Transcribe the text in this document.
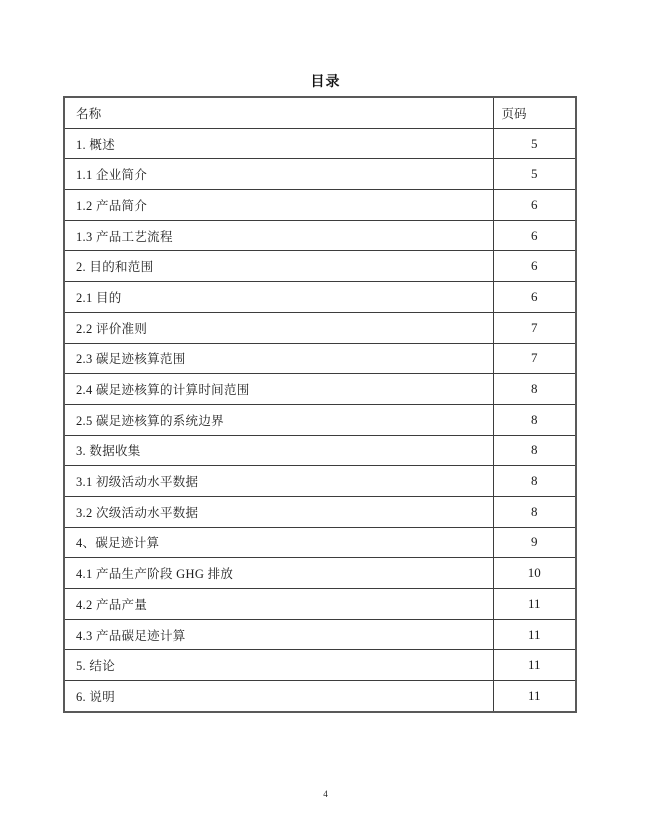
目录
名称	页码
1. 概述	5
1.1 企业简介	5
1.2 产品简介	6
1.3 产品工艺流程	6
2. 目的和范围	6
2.1 目的	6
2.2 评价准则	7
2.3 碳足迹核算范围	7
2.4 碳足迹核算的计算时间范围	8
2.5 碳足迹核算的系统边界	8
3. 数据收集	8
3.1 初级活动水平数据	8
3.2 次级活动水平数据	8
4、碳足迹计算	9
4.1 产品生产阶段 GHG 排放	10
4.2 产品产量	11
4.3 产品碳足迹计算	11
5. 结论	11
6. 说明	11
4
